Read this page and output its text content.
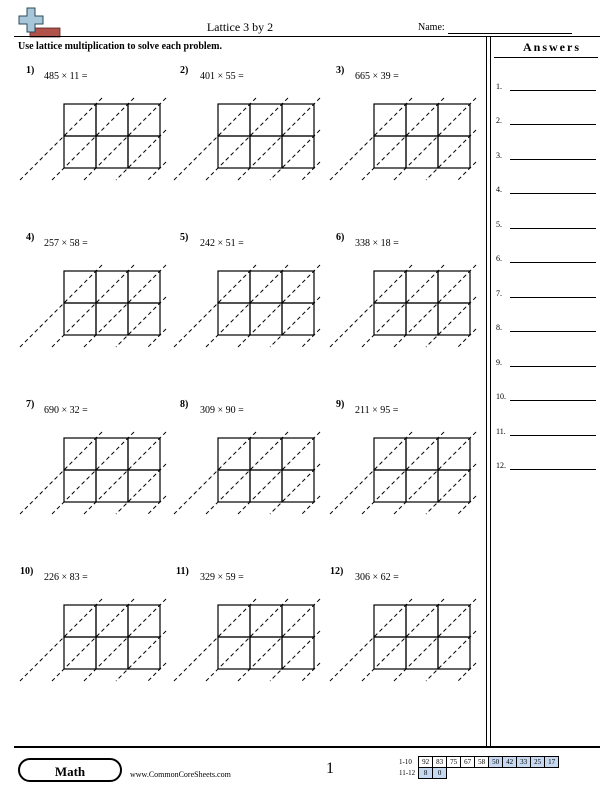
Lattice 3 by 2	Name:
Use lattice multiplication to solve each problem.
1)
485 × 11 =
2)
401 × 55 =
3)
665 × 39 =
4)
257 × 58 =
5)
242 × 51 =
6)
338 × 18 =
7)
690 × 32 =
8)
309 × 90 =
9)
211 × 95 =
10)
226 × 83 =
11)
329 × 59 =
12)
306 × 62 =
Answers
1.
2.
3.
4.
5.
6.
7.
8.
9.
10.
11.
12.
Math	www.CommonCoreSheets.com	1	1-10	92	83	75	67	58	50	42	33	25	17
11-12	8	0								
